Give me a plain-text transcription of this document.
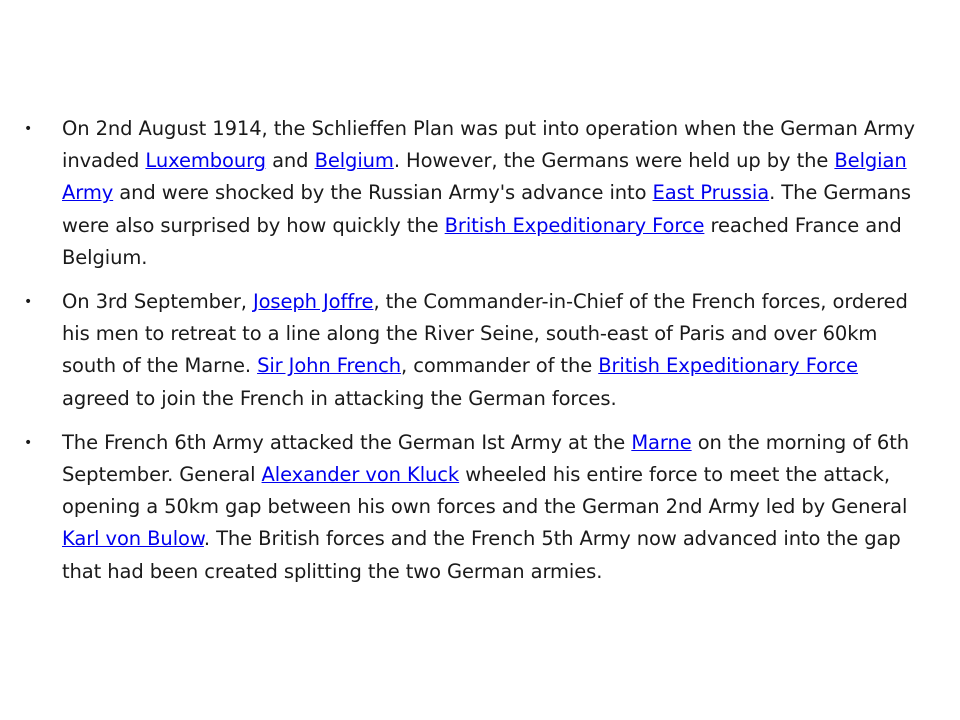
• On 2nd August 1914, the Schlieffen Plan was put into operation when the German Army invaded Luxembourg and Belgium. However, the Germans were held up by the Belgian Army and were shocked by the Russian Army's advance into East Prussia. The Germans were also surprised by how quickly the British Expeditionary Force reached France and Belgium.
• On 3rd September, Joseph Joffre, the Commander-in-Chief of the French forces, ordered his men to retreat to a line along the River Seine, south-east of Paris and over 60km south of the Marne. Sir John French, commander of the British Expeditionary Force agreed to join the French in attacking the German forces.
• The French 6th Army attacked the German Ist Army at the Marne on the morning of 6th September. General Alexander von Kluck wheeled his entire force to meet the attack, opening a 50km gap between his own forces and the German 2nd Army led by General Karl von Bulow. The British forces and the French 5th Army now advanced into the gap that had been created splitting the two German armies.
